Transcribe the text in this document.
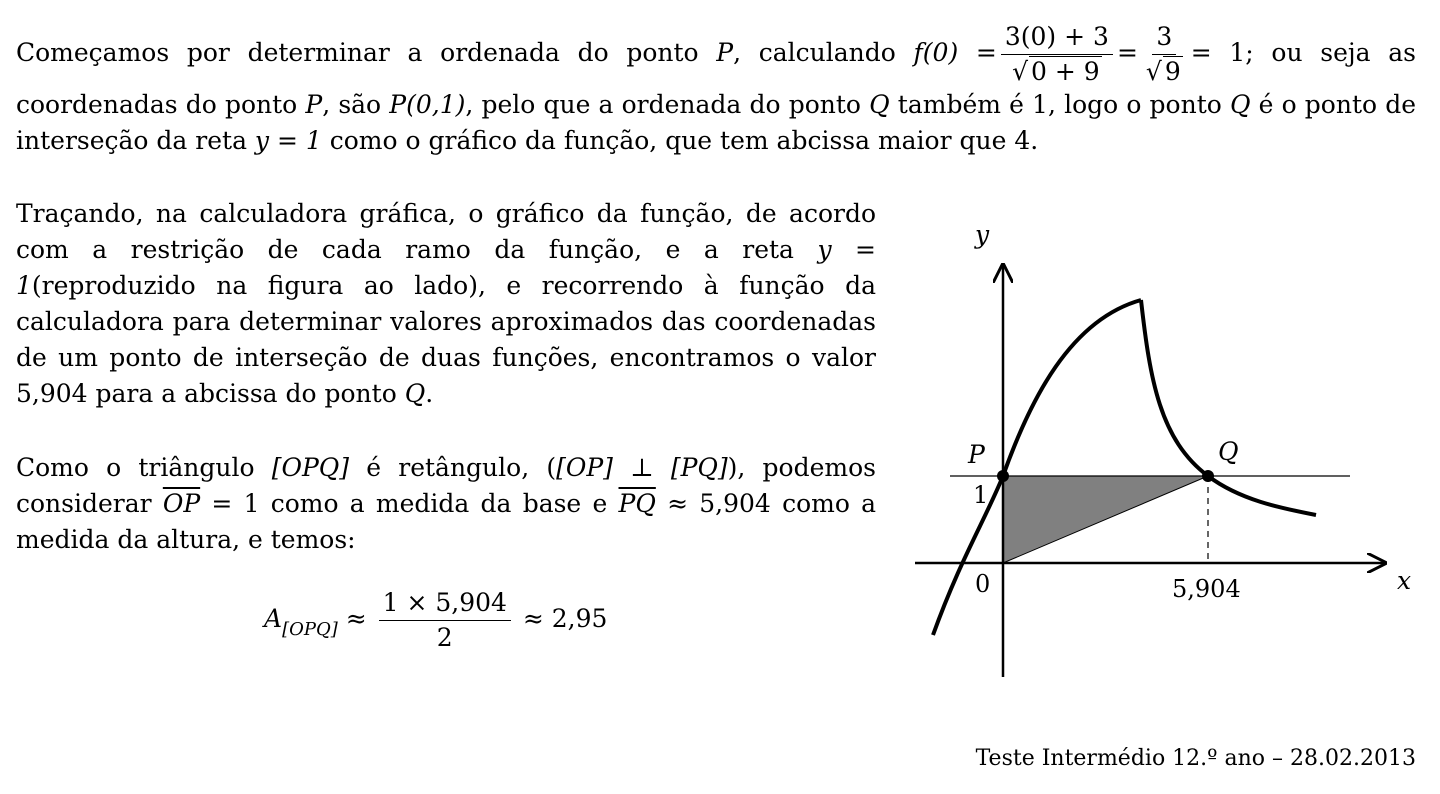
Começamos por determinar a ordenada do ponto P, calculando $f(0) = \frac{3(0) + 3}{√ 0 + 9} = \frac{3}{√ 9} = 1$; ou seja as coordenadas do ponto P, são P(0,1), pelo que a ordenada do ponto Q também é 1, logo o ponto Q é o ponto de interseção da reta y = 1 como o gráfico da função, que tem abcissa maior que 4.

Traçando, na calculadora gráfica, o gráfico da função, de acordo com a restrição de cada ramo da função, e a reta y = 1(reproduzido na figura ao lado), e recorrendo à função da calculadora para determinar valores aproximados das coordenadas de um ponto de interseção de duas funções, encontramos o valor 5,904 para a abcissa do ponto Q.

Como o triângulo [OPQ] é retângulo, ([OP] ⊥ [PQ]), podemos considerar $\overline{OP} = 1$ como a medida da base e $\overline{PQ} \approx 5,904$ como a medida da altura, e temos:

$A_{[OPQ]} \approx \frac{1 \times 5,904}{2} \approx 2,95$
y
x
0
P	Q
1
5,904
Teste Intermédio 12.º ano – 28.02.2013
